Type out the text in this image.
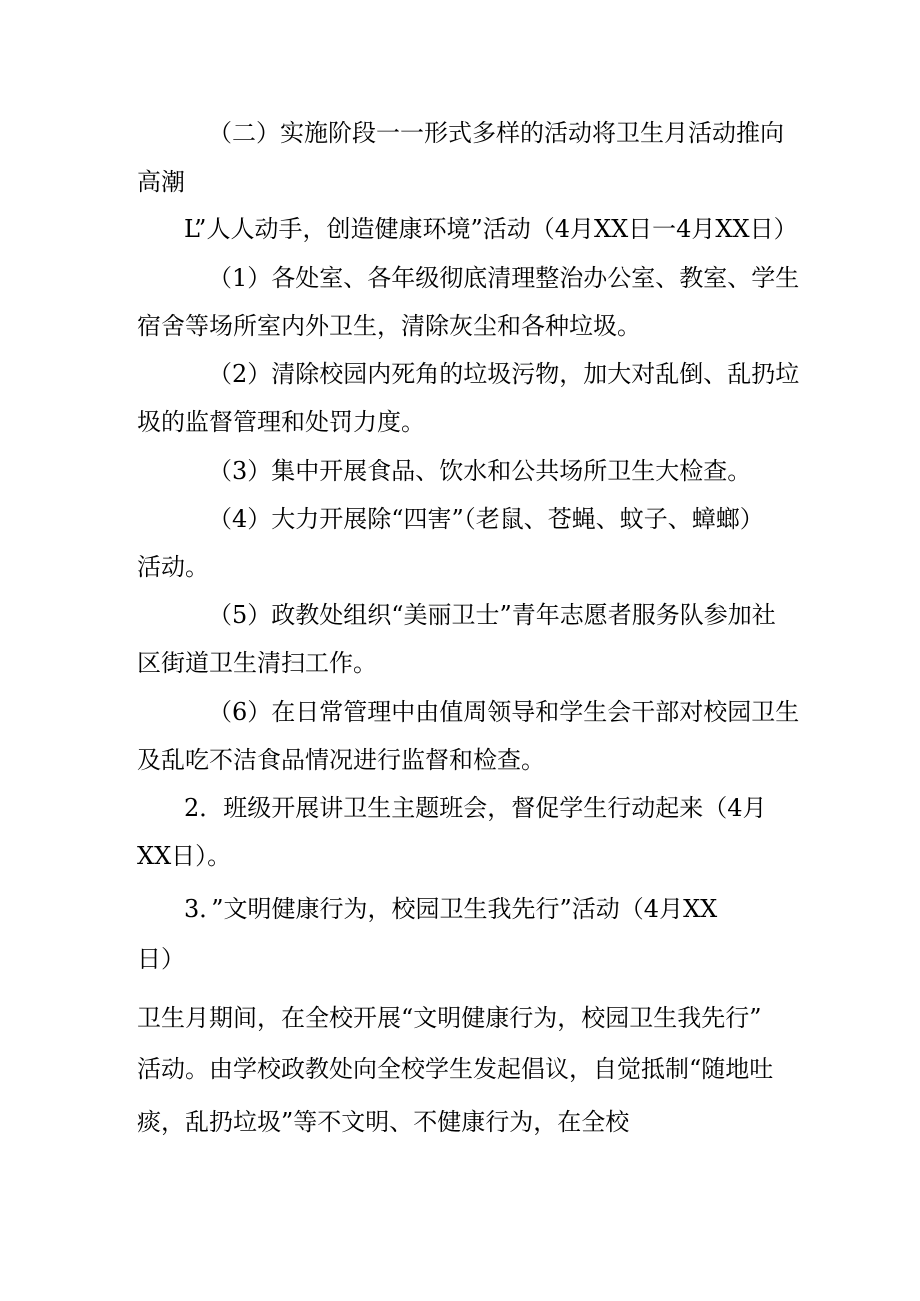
（二）实施阶段一一形式多样的活动将卫生月活动推向
高潮
L”人人动手，创造健康环境”活动（4月XX日一4月XX日）
（1）各处室、各年级彻底清理整治办公室、教室、学生
宿舍等场所室内外卫生，清除灰尘和各种垃圾。
（2）清除校园内死角的垃圾污物，加大对乱倒、乱扔垃
圾的监督管理和处罚力度。
（3）集中开展食品、饮水和公共场所卫生大检查。
（4）大力开展除“四害”（老鼠、苍蝇、蚊子、蟑螂）
活动。
（5）政教处组织“美丽卫士”青年志愿者服务队参加社
区街道卫生清扫工作。
（6）在日常管理中由值周领导和学生会干部对校园卫生
及乱吃不洁食品情况进行监督和检查。
2．班级开展讲卫生主题班会，督促学生行动起来（4月
XX日）。
3．”文明健康行为，校园卫生我先行”活动（4月XX
日）
卫生月期间，在全校开展“文明健康行为，校园卫生我先行”
活动。由学校政教处向全校学生发起倡议，自觉抵制“随地吐
痰，乱扔垃圾”等不文明、不健康行为，在全校
